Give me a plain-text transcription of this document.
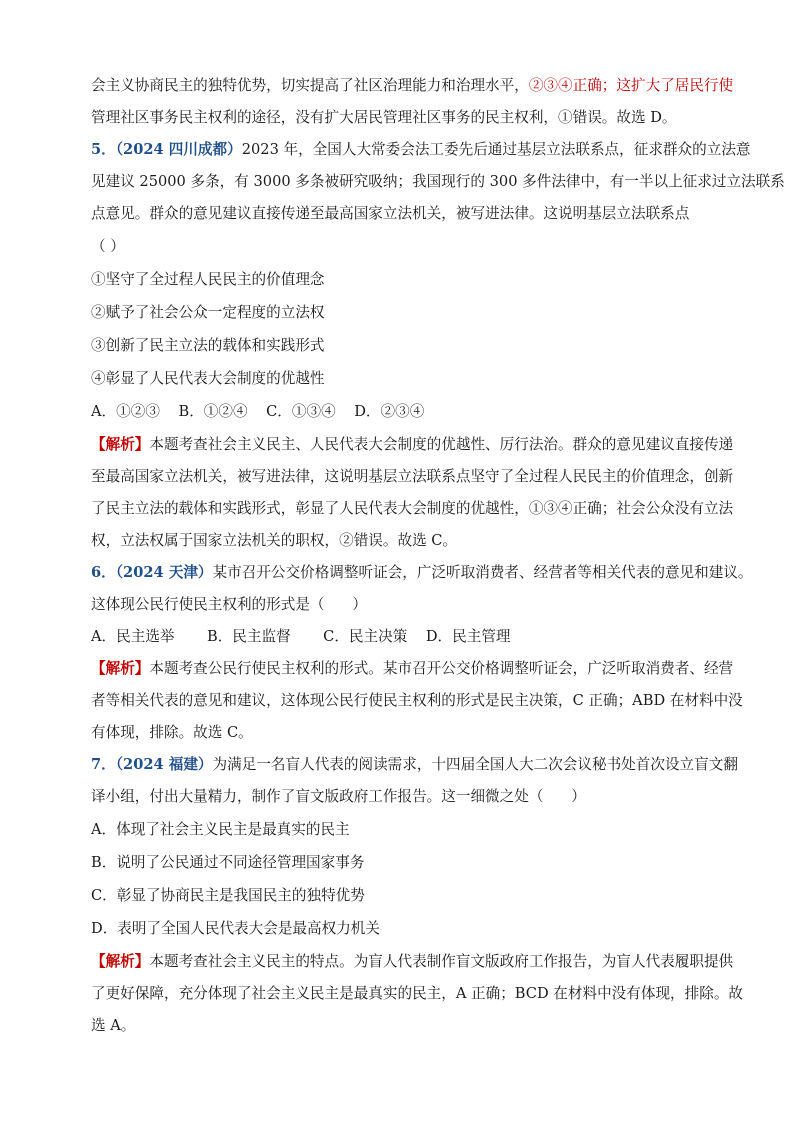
会主义协商民主的独特优势，切实提高了社区治理能力和治理水平，②③④正确；这扩大了居民行使
管理社区事务民主权利的途径，没有扩大居民管理社区事务的民主权利，①错误。故选 D。
5．（2024 四川成都）2023 年，全国人大常委会法工委先后通过基层立法联系点，征求群众的立法意
见建议 25000 多条，有 3000 多条被研究吸纳；我国现行的 300 多件法律中，有一半以上征求过立法联系
点意见。群众的意见建议直接传递至最高国家立法机关，被写进法律。这说明基层立法联系点
（ ）
①坚守了全过程人民民主的价值理念
②赋予了社会公众一定程度的立法权
③创新了民主立法的载体和实践形式
④彰显了人民代表大会制度的优越性
A．①②③    B．①②④    C．①③④    D．②③④
【解析】本题考查社会主义民主、人民代表大会制度的优越性、厉行法治。群众的意见建议直接传递
至最高国家立法机关，被写进法律，这说明基层立法联系点坚守了全过程人民民主的价值理念，创新
了民主立法的载体和实践形式，彰显了人民代表大会制度的优越性，①③④正确；社会公众没有立法
权，立法权属于国家立法机关的职权，②错误。故选 C。
6．（2024 天津）某市召开公交价格调整听证会，广泛听取消费者、经营者等相关代表的意见和建议。
这体现公民行使民主权利的形式是（      ）
A．民主选举       B．民主监督       C．民主决策    D．民主管理
【解析】本题考查公民行使民主权利的形式。某市召开公交价格调整听证会，广泛听取消费者、经营
者等相关代表的意见和建议，这体现公民行使民主权利的形式是民主决策，C 正确；ABD 在材料中没
有体现，排除。故选 C。
7．（2024 福建）为满足一名盲人代表的阅读需求，十四届全国人大二次会议秘书处首次设立盲文翻
译小组，付出大量精力，制作了盲文版政府工作报告。这一细微之处（      ）
A．体现了社会主义民主是最真实的民主
B．说明了公民通过不同途径管理国家事务
C．彰显了协商民主是我国民主的独特优势
D．表明了全国人民代表大会是最高权力机关
【解析】本题考查社会主义民主的特点。为盲人代表制作盲文版政府工作报告，为盲人代表履职提供
了更好保障，充分体现了社会主义民主是最真实的民主，A 正确；BCD 在材料中没有体现，排除。故
选 A。
